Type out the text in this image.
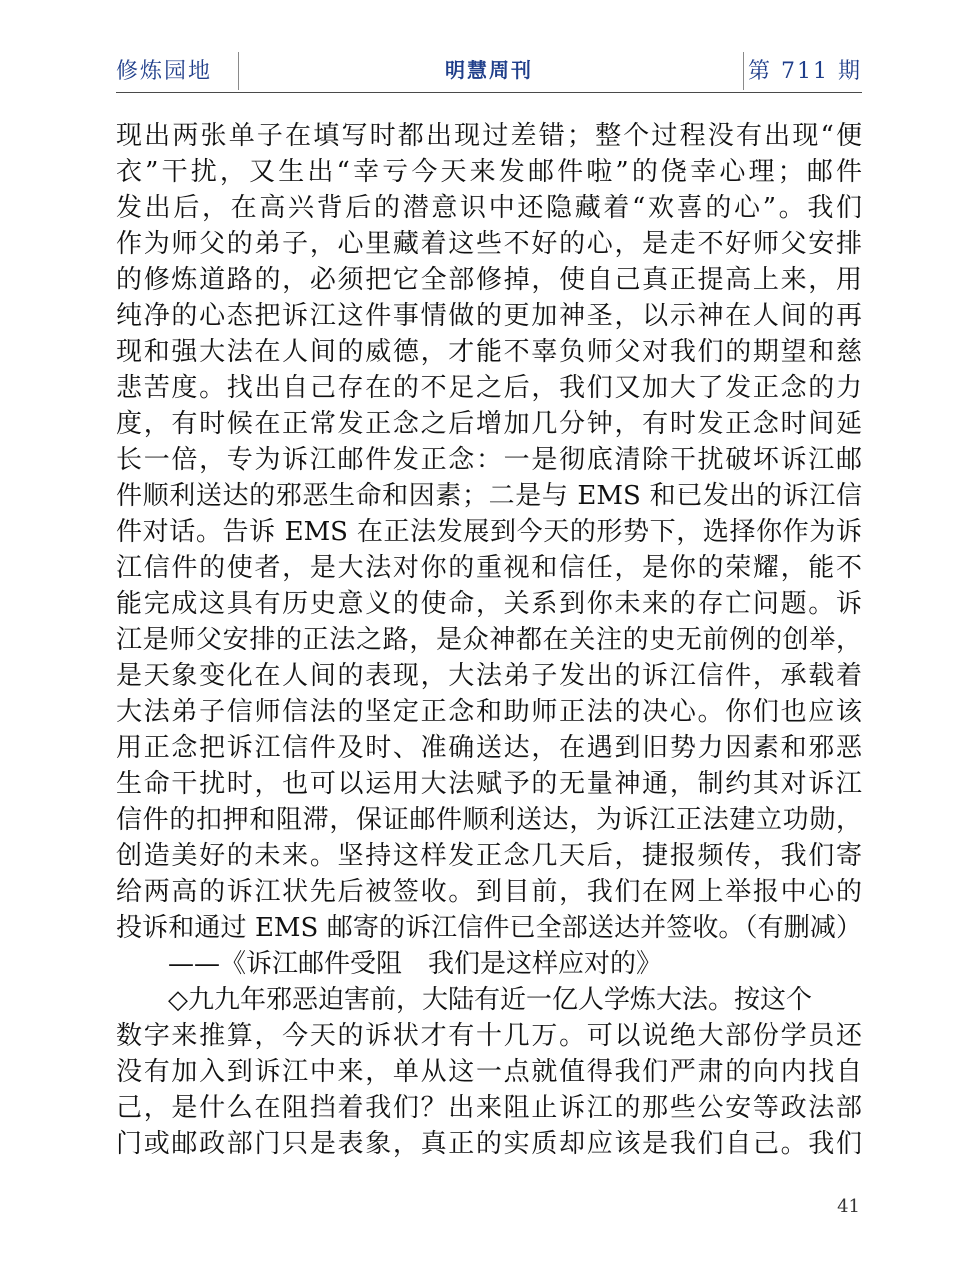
修炼园地	明慧周刊	第 711 期
现出两张单子在填写时都出现过差错；整个过程没有出现“便
衣”干扰，又生出“幸亏今天来发邮件啦”的侥幸心理；邮件
发出后，在高兴背后的潜意识中还隐藏着“欢喜的心”。我们
作为师父的弟子，心里藏着这些不好的心，是走不好师父安排
的修炼道路的，必须把它全部修掉，使自己真正提高上来，用
纯净的心态把诉江这件事情做的更加神圣，以示神在人间的再
现和强大法在人间的威德，才能不辜负师父对我们的期望和慈
悲苦度。找出自己存在的不足之后，我们又加大了发正念的力
度，有时候在正常发正念之后增加几分钟，有时发正念时间延
长一倍，专为诉江邮件发正念：一是彻底清除干扰破坏诉江邮
件顺利送达的邪恶生命和因素；二是与 EMS 和已发出的诉江信
件对话。告诉 EMS 在正法发展到今天的形势下，选择你作为诉
江信件的使者，是大法对你的重视和信任，是你的荣耀，能不
能完成这具有历史意义的使命，关系到你未来的存亡问题。诉
江是师父安排的正法之路，是众神都在关注的史无前例的创举，
是天象变化在人间的表现，大法弟子发出的诉江信件，承载着
大法弟子信师信法的坚定正念和助师正法的决心。你们也应该
用正念把诉江信件及时、准确送达，在遇到旧势力因素和邪恶
生命干扰时，也可以运用大法赋予的无量神通，制约其对诉江
信件的扣押和阻滞，保证邮件顺利送达，为诉江正法建立功勋，
创造美好的未来。坚持这样发正念几天后，捷报频传，我们寄
给两高的诉江状先后被签收。到目前，我们在网上举报中心的
投诉和通过 EMS 邮寄的诉江信件已全部送达并签收。（有删减）
——《诉江邮件受阻　我们是这样应对的》
◇九九年邪恶迫害前，大陆有近一亿人学炼大法。按这个
数字来推算，今天的诉状才有十几万。可以说绝大部份学员还
没有加入到诉江中来，单从这一点就值得我们严肃的向内找自
己，是什么在阻挡着我们？出来阻止诉江的那些公安等政法部
门或邮政部门只是表象，真正的实质却应该是我们自己。我们
41
